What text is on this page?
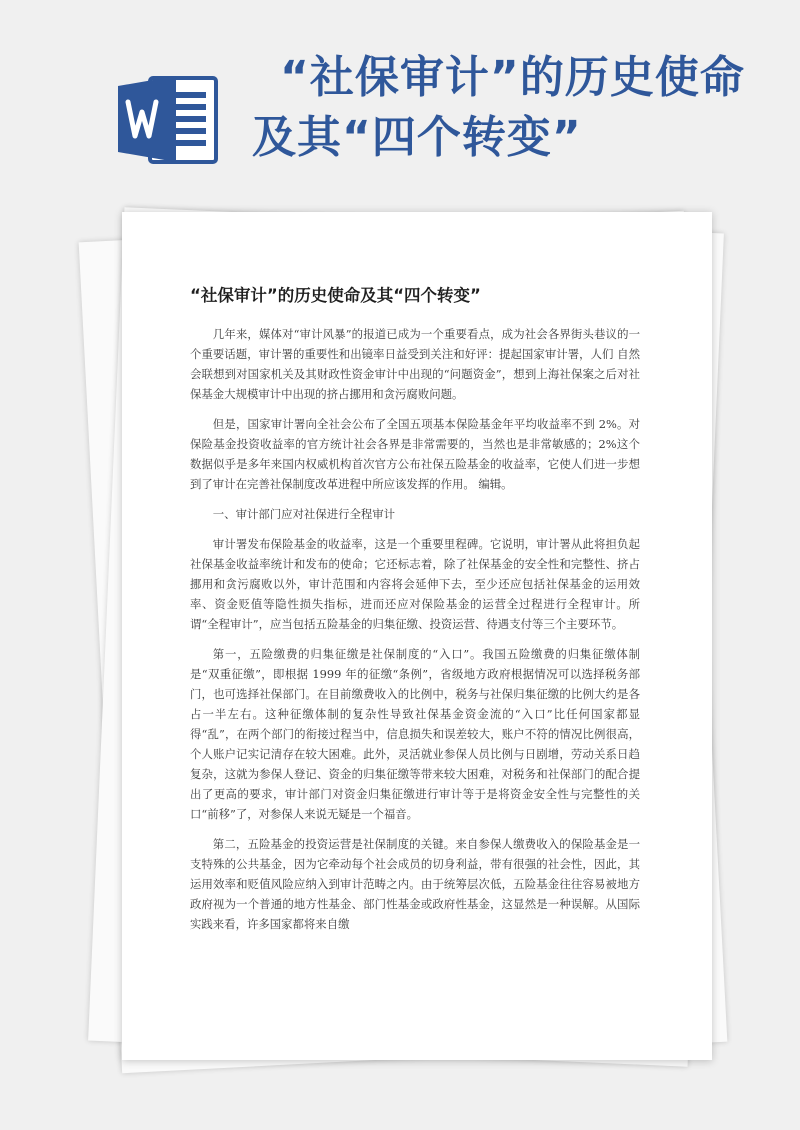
“社保审计”的历史使命及其“四个转变”
“社保审计”的历史使命及其“四个转变”

几年来，媒体对“审计风暴”的报道已成为一个重要看点，成为社会各界街头巷议的一个重要话题，审计署的重要性和出镜率日益受到关注和好评：提起国家审计署，人们 自然 会联想到对国家机关及其财政性资金审计中出现的“问题资金”，想到上海社保案之后对社保基金大规模审计中出现的挤占挪用和贪污腐败问题。

但是，国家审计署向全社会公布了全国五项基本保险基金年平均收益率不到 2%。对保险基金投资收益率的官方统计社会各界是非常需要的，当然也是非常敏感的；2%这个数据似乎是多年来国内权威机构首次官方公布社保五险基金的收益率，它使人们进一步想到了审计在完善社保制度改革进程中所应该发挥的作用。 编辑。

一、审计部门应对社保进行全程审计

审计署发布保险基金的收益率，这是一个重要里程碑。它说明，审计署从此将担负起社保基金收益率统计和发布的使命；它还标志着，除了社保基金的安全性和完整性、挤占挪用和贪污腐败以外，审计范围和内容将会延伸下去，至少还应包括社保基金的运用效率、资金贬值等隐性损失指标，进而还应对保险基金的运营全过程进行全程审计。所谓“全程审计”，应当包括五险基金的归集征缴、投资运营、待遇支付等三个主要环节。

第一，五险缴费的归集征缴是社保制度的“入口”。我国五险缴费的归集征缴体制是“双重征缴”，即根据 1999 年的征缴“条例”，省级地方政府根据情况可以选择税务部门，也可选择社保部门。在目前缴费收入的比例中，税务与社保归集征缴的比例大约是各占一半左右。这种征缴体制的复杂性导致社保基金资金流的“入口”比任何国家都显得“乱”，在两个部门的衔接过程当中，信息损失和误差较大，账户不符的情况比例很高，个人账户记实记清存在较大困难。此外，灵活就业参保人员比例与日剧增，劳动关系日趋复杂，这就为参保人登记、资金的归集征缴等带来较大困难，对税务和社保部门的配合提出了更高的要求，审计部门对资金归集征缴进行审计等于是将资金安全性与完整性的关口“前移”了，对参保人来说无疑是一个福音。

第二，五险基金的投资运营是社保制度的关键。来自参保人缴费收入的保险基金是一支特殊的公共基金，因为它牵动每个社会成员的切身利益，带有很强的社会性，因此，其运用效率和贬值风险应纳入到审计范畴之内。由于统筹层次低，五险基金往往容易被地方政府视为一个普通的地方性基金、部门性基金或政府性基金，这显然是一种误解。从国际实践来看，许多国家都将来自缴
